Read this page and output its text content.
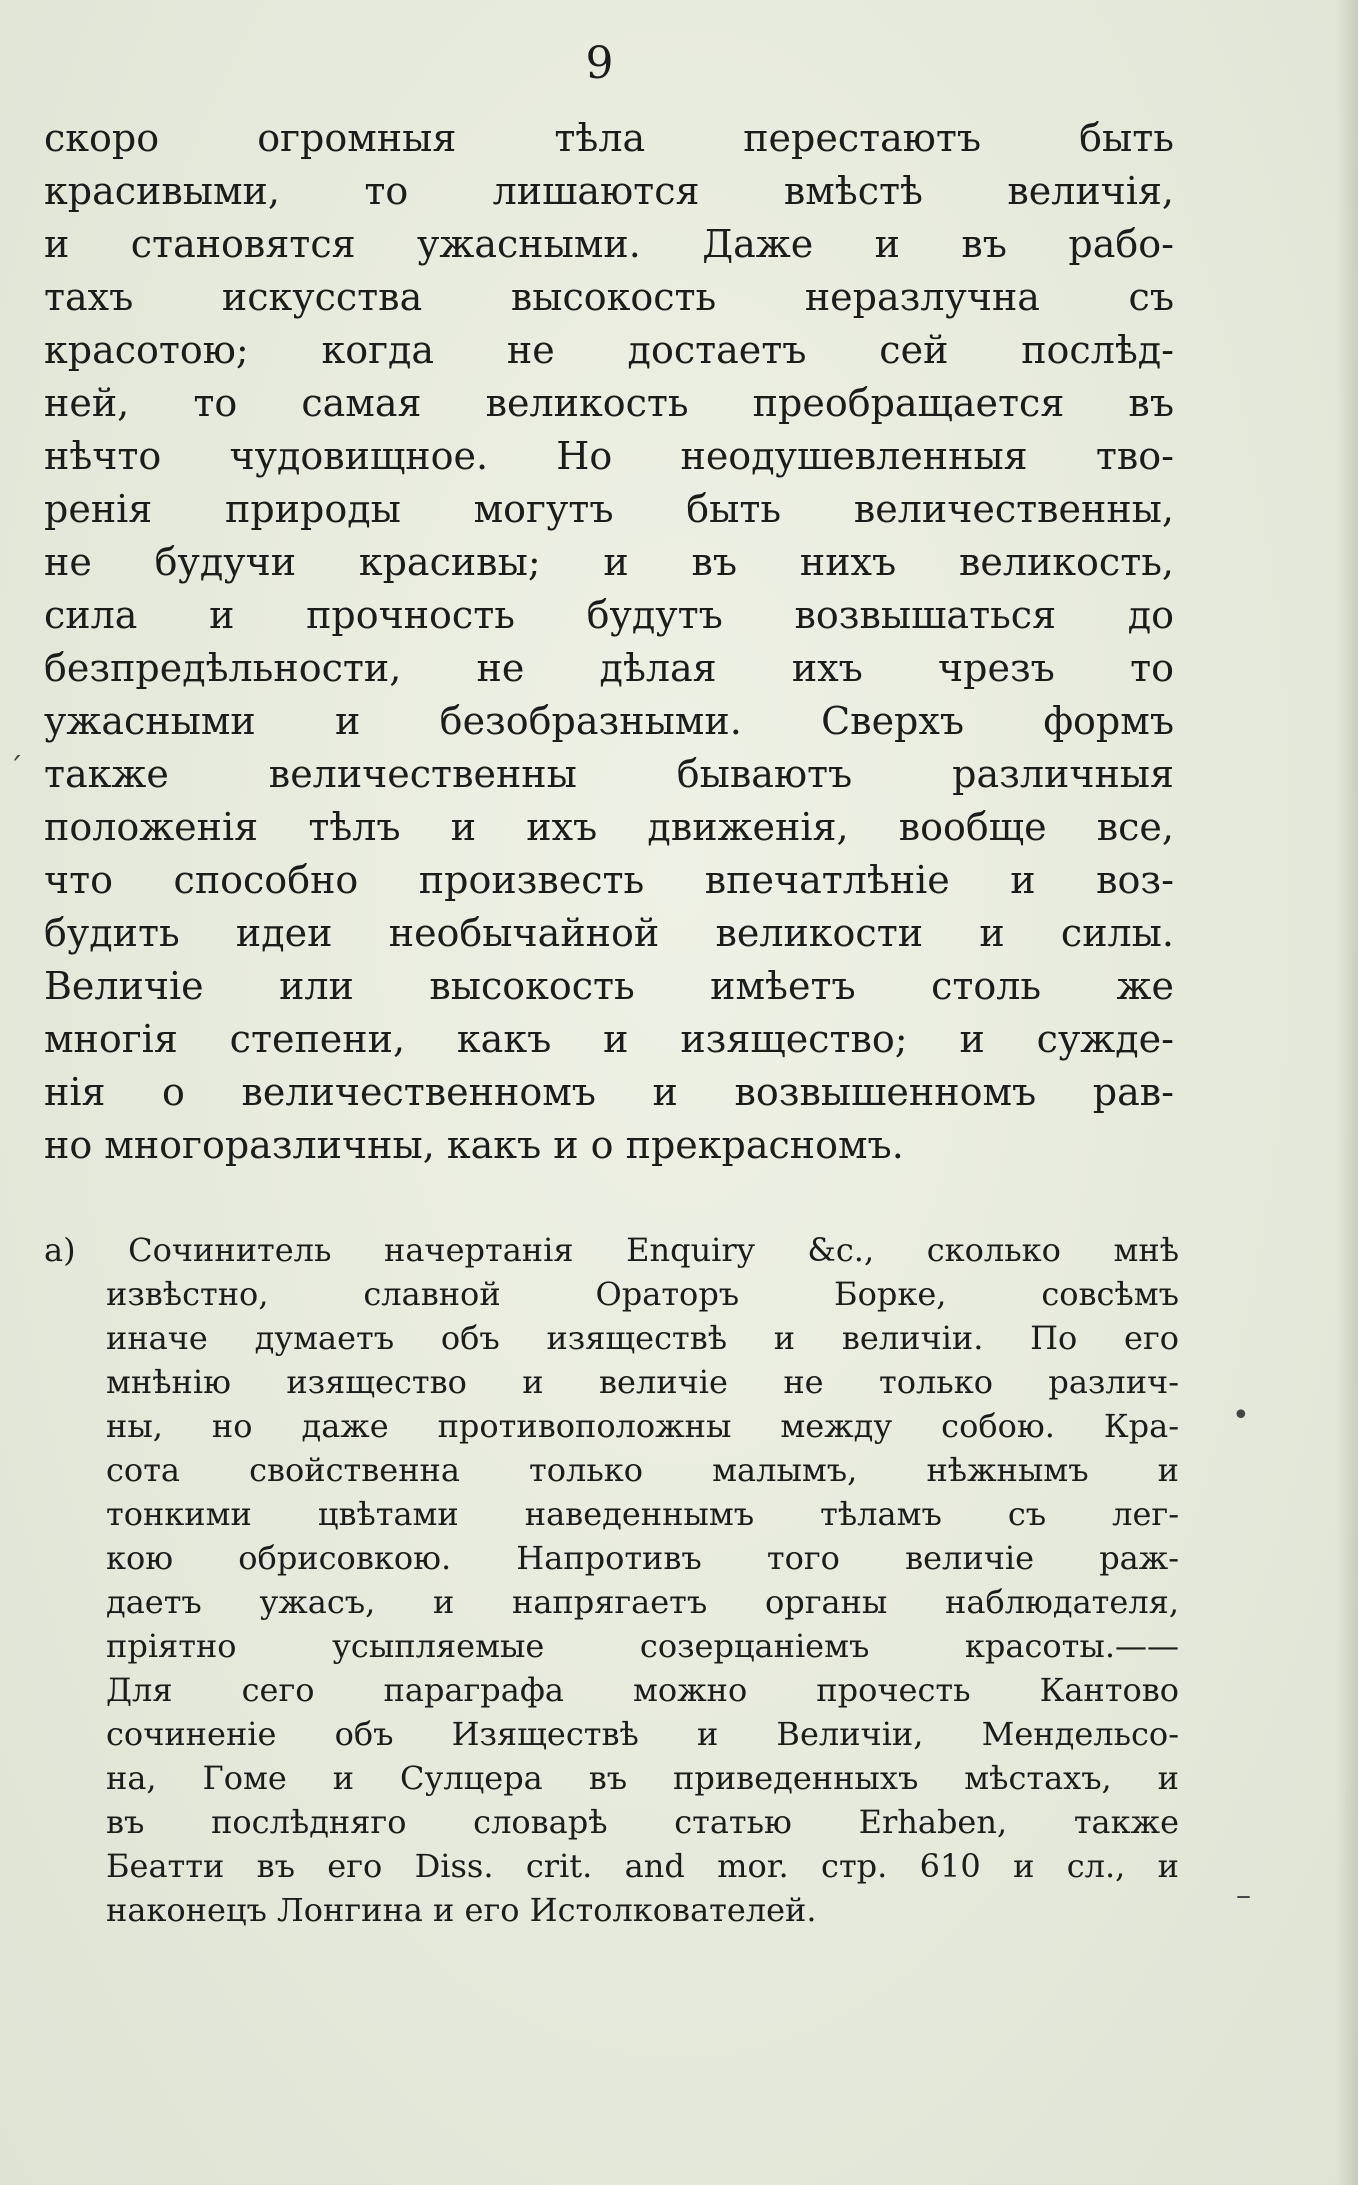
9
скоро огромныя тѣла перестаютъ быть
красивыми, то лишаются вмѣстѣ величія,
и становятся ужасными. Даже и въ рабо-
тахъ искусства высокость неразлучна съ
красотою; когда не достаетъ сей послѣд-
ней, то самая великость преобращается въ
нѣчто чудовищное. Но неодушевленныя тво-
ренія природы могутъ быть величественны,
не будучи красивы; и въ нихъ великость,
сила и прочность будутъ возвышаться до
безпредѣльности, не дѣлая ихъ чрезъ то
ужасными и безобразными. Сверхъ формъ
также величественны бываютъ различныя
положенія тѣлъ и ихъ движенія, вообще все,
что способно произвесть впечатлѣніе и воз-
будить идеи необычайной великости и силы.
Величіе или высокость имѣетъ столь же
многія степени, какъ и изящество; и сужде-
нія о величественномъ и возвышенномъ рав-
но многоразличны, какъ и о прекрасномъ.
a) Сочинитель начертанія Enquiry &c., сколько мнѣ
извѣстно, славной Ораторъ Борке, совсѣмъ
иначе думаетъ объ изяществѣ и величіи. По его
мнѣнію изящество и величіе не только различ-
ны, но даже противоположны между собою. Кра-
сота свойственна только малымъ, нѣжнымъ и
тонкими цвѣтами наведеннымъ тѣламъ съ лег-
кою обрисовкою. Напротивъ того величіе раж-
даетъ ужасъ, и напрягаетъ органы наблюдателя,
пріятно усыпляемые созерцаніемъ красоты.——
Для сего параграфа можно прочесть Кантово
сочиненіе объ Изяществѣ и Величіи, Мендельсо-
на, Гоме и Сулцера въ приведенныхъ мѣстахъ, и
въ послѣдняго словарѣ статью Erhaben, также
Беатти въ его Diss. crit. and mor. стр. 610 и сл., и
наконецъ Лонгина и его Истолкователей.
ˊ
•
–
